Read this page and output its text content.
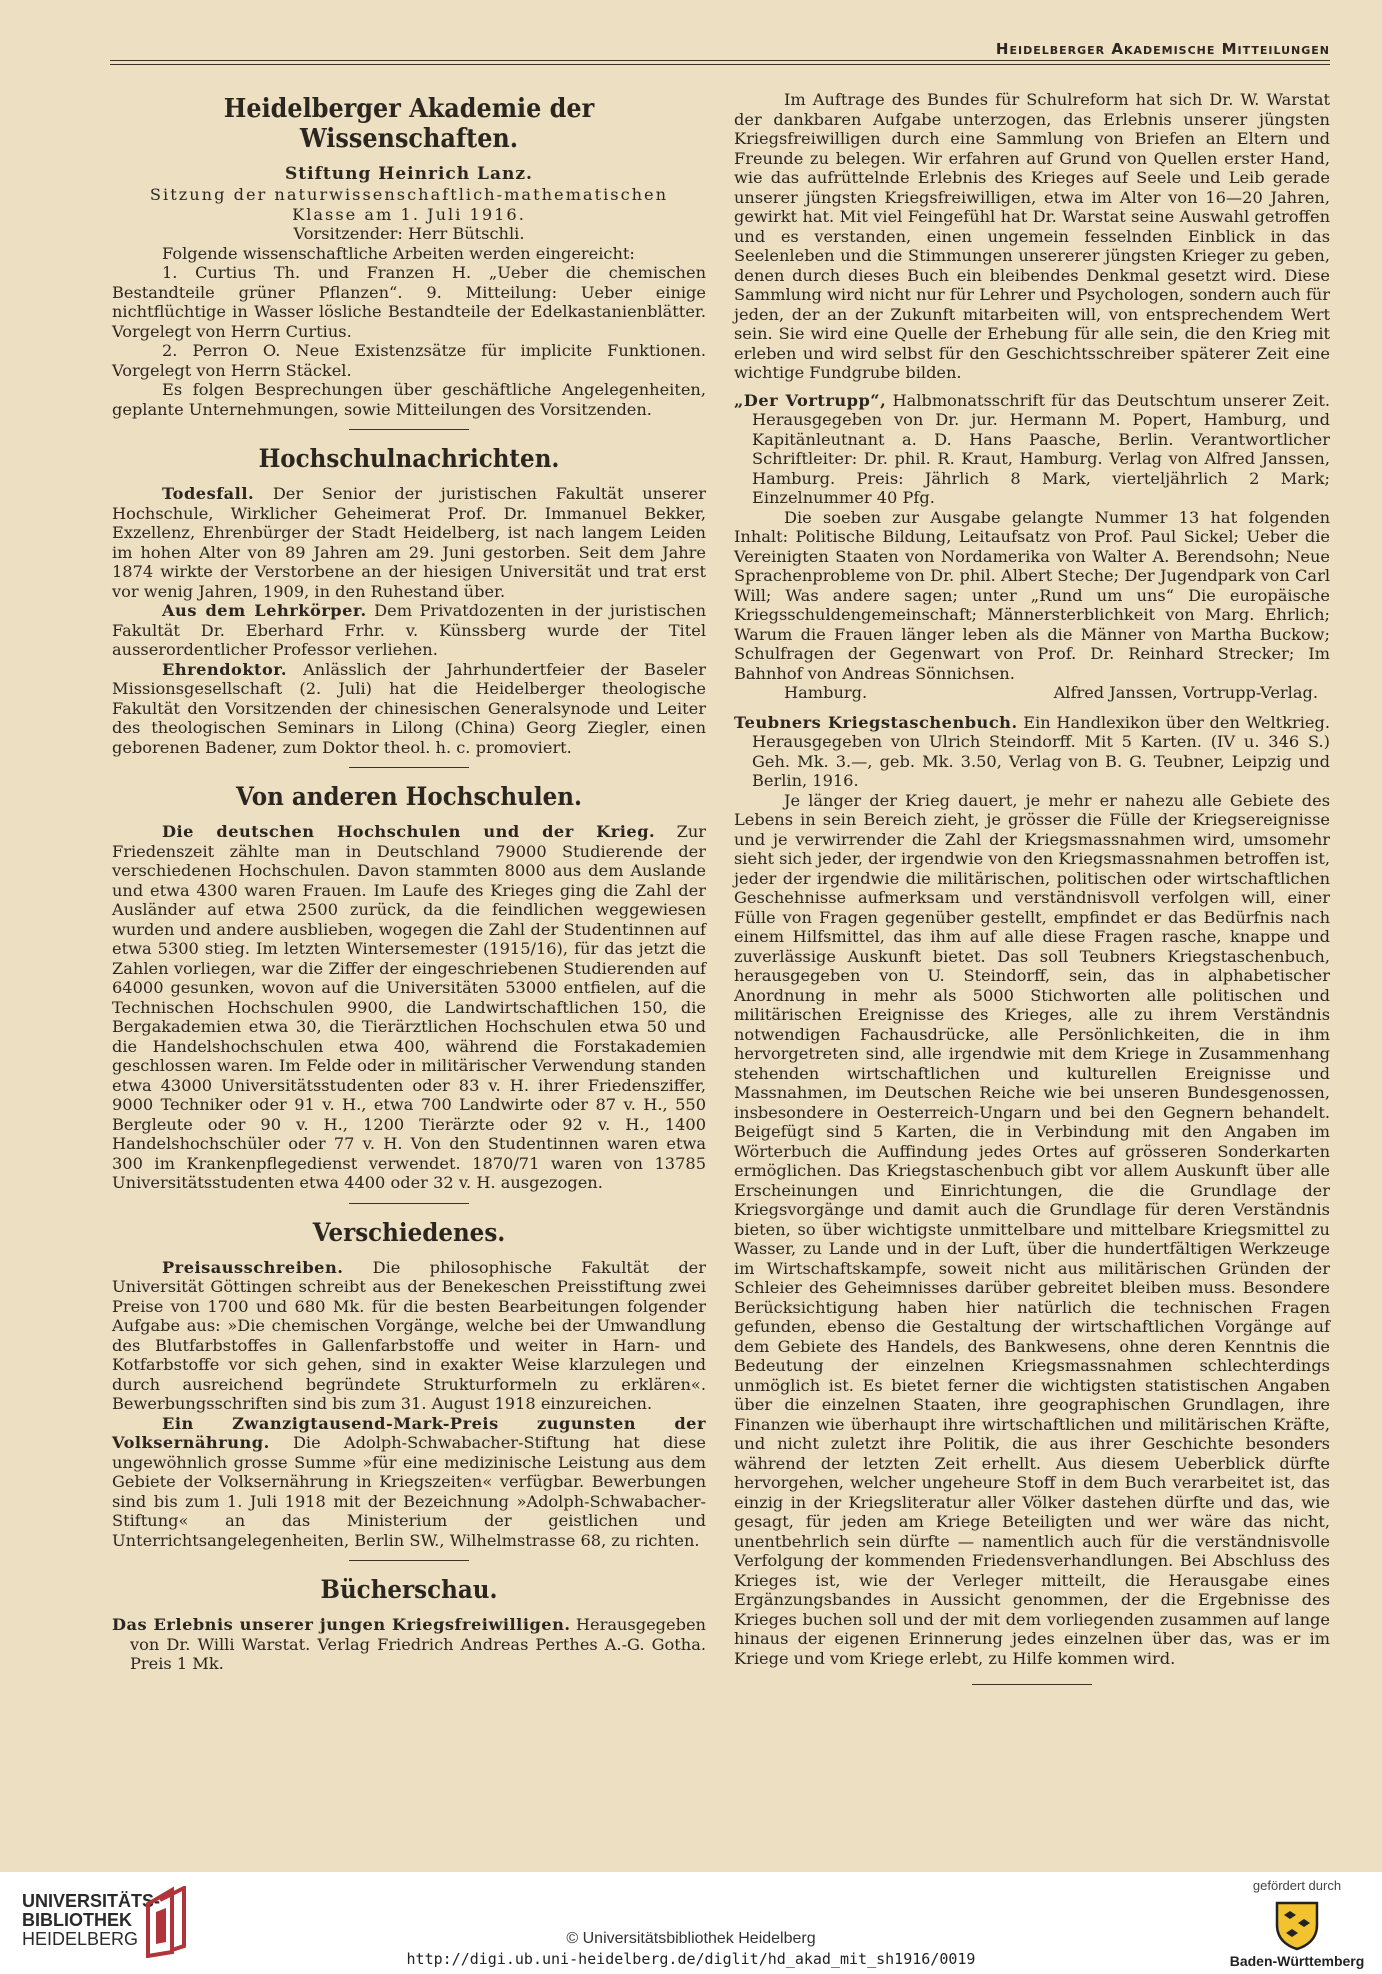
Heidelberger Akademische Mitteilungen
Heidelberger Akademie der Wissenschaften.
Stiftung Heinrich Lanz.

Sitzung der naturwissenschaftlich-mathematischen

Klasse am 1. Juli 1916.

Vorsitzender: Herr Bütschli.

Folgende wissenschaftliche Arbeiten werden eingereicht:

1. Curtius Th. und Franzen H. „Ueber die chemischen Bestandteile grüner Pflanzen“. 9. Mitteilung: Ueber einige nichtflüchtige in Wasser lösliche Bestandteile der Edelkastanienblätter. Vorgelegt von Herrn Curtius.

2. Perron O. Neue Existenzsätze für implicite Funktionen. Vorgelegt von Herrn Stäckel.

Es folgen Besprechungen über geschäftliche Angelegenheiten, geplante Unternehmungen, sowie Mitteilungen des Vorsitzenden.

Hochschulnachrichten.

Todesfall. Der Senior der juristischen Fakultät unserer Hochschule, Wirklicher Geheimerat Prof. Dr. Immanuel Bekker, Exzellenz, Ehrenbürger der Stadt Heidelberg, ist nach langem Leiden im hohen Alter von 89 Jahren am 29. Juni gestorben. Seit dem Jahre 1874 wirkte der Verstorbene an der hiesigen Universität und trat erst vor wenig Jahren, 1909, in den Ruhestand über.

Aus dem Lehrkörper. Dem Privatdozenten in der juristischen Fakultät Dr. Eberhard Frhr. v. Künssberg wurde der Titel ausserordentlicher Professor verliehen.

Ehrendoktor. Anlässlich der Jahrhundertfeier der Baseler Missionsgesellschaft (2. Juli) hat die Heidelberger theologische Fakultät den Vorsitzenden der chinesischen Generalsynode und Leiter des theologischen Seminars in Lilong (China) Georg Ziegler, einen geborenen Badener, zum Doktor theol. h. c. promoviert.

Von anderen Hochschulen.

Die deutschen Hochschulen und der Krieg. Zur Friedenszeit zählte man in Deutschland 79000 Studierende der verschiedenen Hochschulen. Davon stammten 8000 aus dem Auslande und etwa 4300 waren Frauen. Im Laufe des Krieges ging die Zahl der Ausländer auf etwa 2500 zurück, da die feindlichen weggewiesen wurden und andere ausblieben, wogegen die Zahl der Studentinnen auf etwa 5300 stieg. Im letzten Wintersemester (1915/16), für das jetzt die Zahlen vorliegen, war die Ziffer der eingeschriebenen Studierenden auf 64000 gesunken, wovon auf die Universitäten 53000 entfielen, auf die Technischen Hochschulen 9900, die Landwirtschaftlichen 150, die Bergakademien etwa 30, die Tierärztlichen Hochschulen etwa 50 und die Handelshochschulen etwa 400, während die Forstakademien geschlossen waren. Im Felde oder in militärischer Verwendung standen etwa 43000 Universitätsstudenten oder 83 v. H. ihrer Friedensziffer, 9000 Techniker oder 91 v. H., etwa 700 Landwirte oder 87 v. H., 550 Bergleute oder 90 v. H., 1200 Tierärzte oder 92 v. H., 1400 Handelshochschüler oder 77 v. H. Von den Studentinnen waren etwa 300 im Krankenpflegedienst verwendet. 1870/71 waren von 13785 Universitätsstudenten etwa 4400 oder 32 v. H. ausgezogen.

Verschiedenes.

Preisausschreiben. Die philosophische Fakultät der Universität Göttingen schreibt aus der Benekeschen Preisstiftung zwei Preise von 1700 und 680 Mk. für die besten Bearbeitungen folgender Aufgabe aus: »Die chemischen Vorgänge, welche bei der Umwandlung des Blutfarbstoffes in Gallenfarbstoffe und weiter in Harn- und Kotfarbstoffe vor sich gehen, sind in exakter Weise klarzulegen und durch ausreichend begründete Strukturformeln zu erklären«. Bewerbungsschriften sind bis zum 31. August 1918 einzureichen.

Ein Zwanzigtausend-Mark-Preis zugunsten der Volksernährung. Die Adolph-Schwabacher-Stiftung hat diese ungewöhnlich grosse Summe »für eine medizinische Leistung aus dem Gebiete der Volksernährung in Kriegszeiten« verfügbar. Bewerbungen sind bis zum 1. Juli 1918 mit der Bezeichnung »Adolph-Schwabacher-Stiftung« an das Ministerium der geistlichen und Unterrichtsangelegenheiten, Berlin SW., Wilhelmstrasse 68, zu richten.

Bücherschau.

Das Erlebnis unserer jungen Kriegsfreiwilligen. Herausgegeben von Dr. Willi Warstat. Verlag Friedrich Andreas Perthes A.-G. Gotha. Preis 1 Mk.

Im Auftrage des Bundes für Schulreform hat sich Dr. W. Warstat der dankbaren Aufgabe unterzogen, das Erlebnis unserer jüngsten Kriegsfreiwilligen durch eine Sammlung von Briefen an Eltern und Freunde zu belegen. Wir erfahren auf Grund von Quellen erster Hand, wie das aufrüttelnde Erlebnis des Krieges auf Seele und Leib gerade unserer jüngsten Kriegsfreiwilligen, etwa im Alter von 16—20 Jahren, gewirkt hat. Mit viel Feingefühl hat Dr. Warstat seine Auswahl getroffen und es verstanden, einen ungemein fesselnden Einblick in das Seelenleben und die Stimmungen unsererer jüngsten Krieger zu geben, denen durch dieses Buch ein bleibendes Denkmal gesetzt wird. Diese Sammlung wird nicht nur für Lehrer und Psychologen, sondern auch für jeden, der an der Zukunft mitarbeiten will, von entsprechendem Wert sein. Sie wird eine Quelle der Erhebung für alle sein, die den Krieg mit erleben und wird selbst für den Geschichtsschreiber späterer Zeit eine wichtige Fundgrube bilden.

„Der Vortrupp“, Halbmonatsschrift für das Deutschtum unserer Zeit. Herausgegeben von Dr. jur. Hermann M. Popert, Hamburg, und Kapitänleutnant a. D. Hans Paasche, Berlin. Verantwortlicher Schriftleiter: Dr. phil. R. Kraut, Hamburg. Verlag von Alfred Janssen, Hamburg. Preis: Jährlich 8 Mark, vierteljährlich 2 Mark; Einzelnummer 40 Pfg.

Die soeben zur Ausgabe gelangte Nummer 13 hat folgenden Inhalt: Politische Bildung, Leitaufsatz von Prof. Paul Sickel; Ueber die Vereinigten Staaten von Nordamerika von Walter A. Berendsohn; Neue Sprachenprobleme von Dr. phil. Albert Steche; Der Jugendpark von Carl Will; Was andere sagen; unter „Rund um uns“ Die europäische Kriegsschuldengemeinschaft; Männersterblichkeit von Marg. Ehrlich; Warum die Frauen länger leben als die Männer von Martha Buckow; Schulfragen der Gegenwart von Prof. Dr. Reinhard Strecker; Im Bahnhof von Andreas Sönnichsen.

Hamburg.	Alfred Janssen, Vortrupp-Verlag.

Teubners Kriegstaschenbuch. Ein Handlexikon über den Weltkrieg. Herausgegeben von Ulrich Steindorff. Mit 5 Karten. (IV u. 346 S.) Geh. Mk. 3.—, geb. Mk. 3.50, Verlag von B. G. Teubner, Leipzig und Berlin, 1916.

Je länger der Krieg dauert, je mehr er nahezu alle Gebiete des Lebens in sein Bereich zieht, je grösser die Fülle der Kriegsereignisse und je verwirrender die Zahl der Kriegsmassnahmen wird, umsomehr sieht sich jeder, der irgendwie von den Kriegsmassnahmen betroffen ist, jeder der irgendwie die militärischen, politischen oder wirtschaftlichen Geschehnisse aufmerksam und verständnisvoll verfolgen will, einer Fülle von Fragen gegenüber gestellt, empfindet er das Bedürfnis nach einem Hilfsmittel, das ihm auf alle diese Fragen rasche, knappe und zuverlässige Auskunft bietet. Das soll Teubners Kriegstaschenbuch, herausgegeben von U. Steindorff, sein, das in alphabetischer Anordnung in mehr als 5000 Stichworten alle politischen und militärischen Ereignisse des Krieges, alle zu ihrem Verständnis notwendigen Fachausdrücke, alle Persönlichkeiten, die in ihm hervorgetreten sind, alle irgendwie mit dem Kriege in Zusammenhang stehenden wirtschaftlichen und kulturellen Ereignisse und Massnahmen, im Deutschen Reiche wie bei unseren Bundesgenossen, insbesondere in Oesterreich-Ungarn und bei den Gegnern behandelt. Beigefügt sind 5 Karten, die in Verbindung mit den Angaben im Wörterbuch die Auffindung jedes Ortes auf grösseren Sonderkarten ermöglichen. Das Kriegstaschenbuch gibt vor allem Auskunft über alle Erscheinungen und Einrichtungen, die die Grundlage der Kriegsvorgänge und damit auch die Grundlage für deren Verständnis bieten, so über wichtigste unmittelbare und mittelbare Kriegsmittel zu Wasser, zu Lande und in der Luft, über die hundertfältigen Werkzeuge im Wirtschaftskampfe, soweit nicht aus militärischen Gründen der Schleier des Geheimnisses darüber gebreitet bleiben muss. Besondere Berücksichtigung haben hier natürlich die technischen Fragen gefunden, ebenso die Gestaltung der wirtschaftlichen Vorgänge auf dem Gebiete des Handels, des Bankwesens, ohne deren Kenntnis die Bedeutung der einzelnen Kriegsmassnahmen schlechterdings unmöglich ist. Es bietet ferner die wichtigsten statistischen Angaben über die einzelnen Staaten, ihre geographischen Grundlagen, ihre Finanzen wie überhaupt ihre wirtschaftlichen und militärischen Kräfte, und nicht zuletzt ihre Politik, die aus ihrer Geschichte besonders während der letzten Zeit erhellt. Aus diesem Ueberblick dürfte hervorgehen, welcher ungeheure Stoff in dem Buch verarbeitet ist, das einzig in der Kriegsliteratur aller Völker dastehen dürfte und das, wie gesagt, für jeden am Kriege Beteiligten und wer wäre das nicht, unentbehrlich sein dürfte — namentlich auch für die verständnisvolle Verfolgung der kommenden Friedensverhandlungen. Bei Abschluss des Krieges ist, wie der Verleger mitteilt, die Herausgabe eines Ergänzungsbandes in Aussicht genommen, der die Ergebnisse des Krieges buchen soll und der mit dem vorliegenden zusammen auf lange hinaus der eigenen Erinnerung jedes einzelnen über das, was er im Kriege und vom Kriege erlebt, zu Hilfe kommen wird.

UNIVERSITÄTS-
BIBLIOTHEK
HEIDELBERG	© Universitätsbibliothek Heidelberg
http://digi.ub.uni-heidelberg.de/diglit/hd_akad_mit_sh1916/0019
gefördert durch
Baden-Württemberg
